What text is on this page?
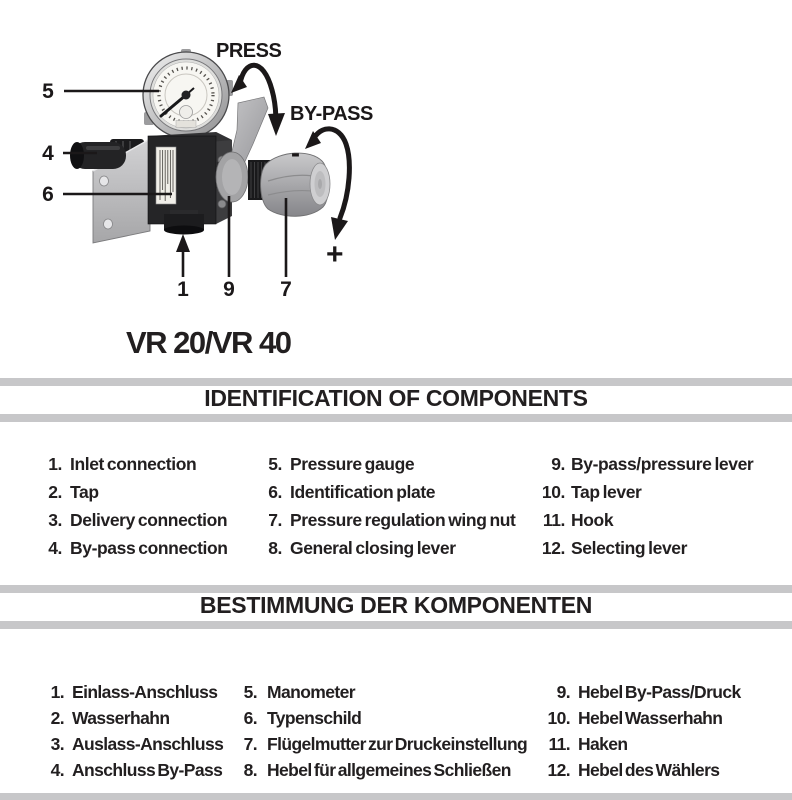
PRESS
BY-PASS
-
+
5
4
6
1 9 7
VR 20/VR 40
IDENTIFICATION OF COMPONENTS
1. Inlet connection
2. Tap
3. Delivery connection
4. By-pass connection
5. Pressure gauge
6. Identification plate
7. Pressure regulation wing nut
8. General closing lever
9. By-pass/pressure lever
10. Tap lever
11. Hook
12. Selecting lever
BESTIMMUNG DER KOMPONENTEN
1. Einlass-Anschluss
2. Wasserhahn
3. Auslass-Anschluss
4. Anschluss By-Pass
5. Manometer
6. Typenschild
7. Flügelmutter zur Druckeinstellung
8. Hebel für allgemeines Schließen
9. Hebel By-Pass/Druck
10. Hebel Wasserhahn
11. Haken
12. Hebel des Wählers
